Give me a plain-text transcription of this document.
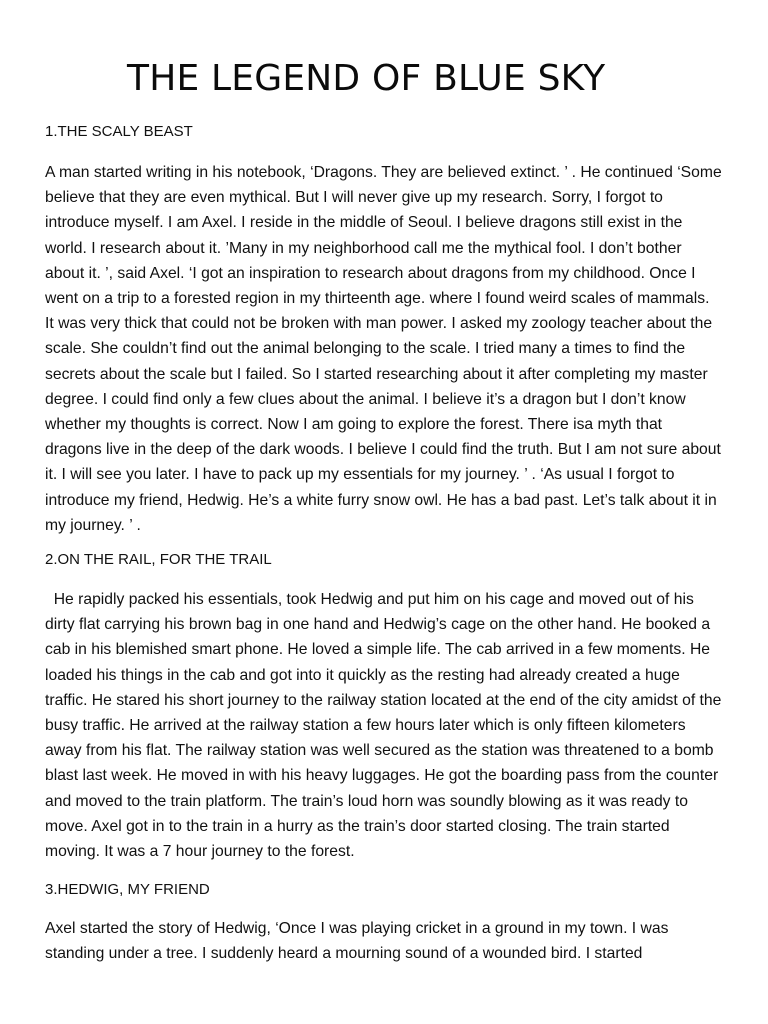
THE LEGEND OF BLUE SKY
1.THE SCALY BEAST

A man started writing in his notebook, ‘Dragons. They are believed extinct. ’ . He continued ‘Some believe that they are even mythical. But I will never give up my research. Sorry, I forgot to introduce myself. I am Axel. I reside in the middle of Seoul. I believe dragons still exist in the world. I research about it. ’Many in my neighborhood call me the mythical fool. I don’t bother about it. ’, said Axel. ‘I got an inspiration to research about dragons from my childhood. Once I went on a trip to a forested region in my thirteenth age. where I found weird scales of mammals. It was very thick that could not be broken with man power. I asked my zoology teacher about the scale. She couldn’t find out the animal belonging to the scale. I tried many a times to find the secrets about the scale but I failed. So I started researching about it after completing my master degree. I could find only a few clues about the animal. I believe it’s a dragon but I don’t know whether my thoughts is correct. Now I am going to explore the forest. There isa myth that dragons live in the deep of the dark woods. I believe I could find the truth. But I am not sure about it. I will see you later. I have to pack up my essentials for my journey. ’ . ‘As usual I forgot to introduce my friend, Hedwig. He’s a white furry snow owl. He has a bad past. Let’s talk about it in my journey. ’ .

2.ON THE RAIL, FOR THE TRAIL

He rapidly packed his essentials, took Hedwig and put him on his cage and moved out of his dirty flat carrying his brown bag in one hand and Hedwig’s cage on the other hand. He booked a cab in his blemished smart phone. He loved a simple life. The cab arrived in a few moments. He loaded his things in the cab and got into it quickly as the resting had already created a huge traffic. He stared his short journey to the railway station located at the end of the city amidst of the busy traffic. He arrived at the railway station a few hours later which is only fifteen kilometers away from his flat. The railway station was well secured as the station was threatened to a bomb blast last week. He moved in with his heavy luggages. He got the boarding pass from the counter and moved to the train platform. The train’s loud horn was soundly blowing as it was ready to move. Axel got in to the train in a hurry as the train’s door started closing. The train started moving. It was a 7 hour journey to the forest.

3.HEDWIG, MY FRIEND

Axel started the story of Hedwig, ‘Once I was playing cricket in a ground in my town. I was standing under a tree. I suddenly heard a mourning sound of a wounded bird. I started
